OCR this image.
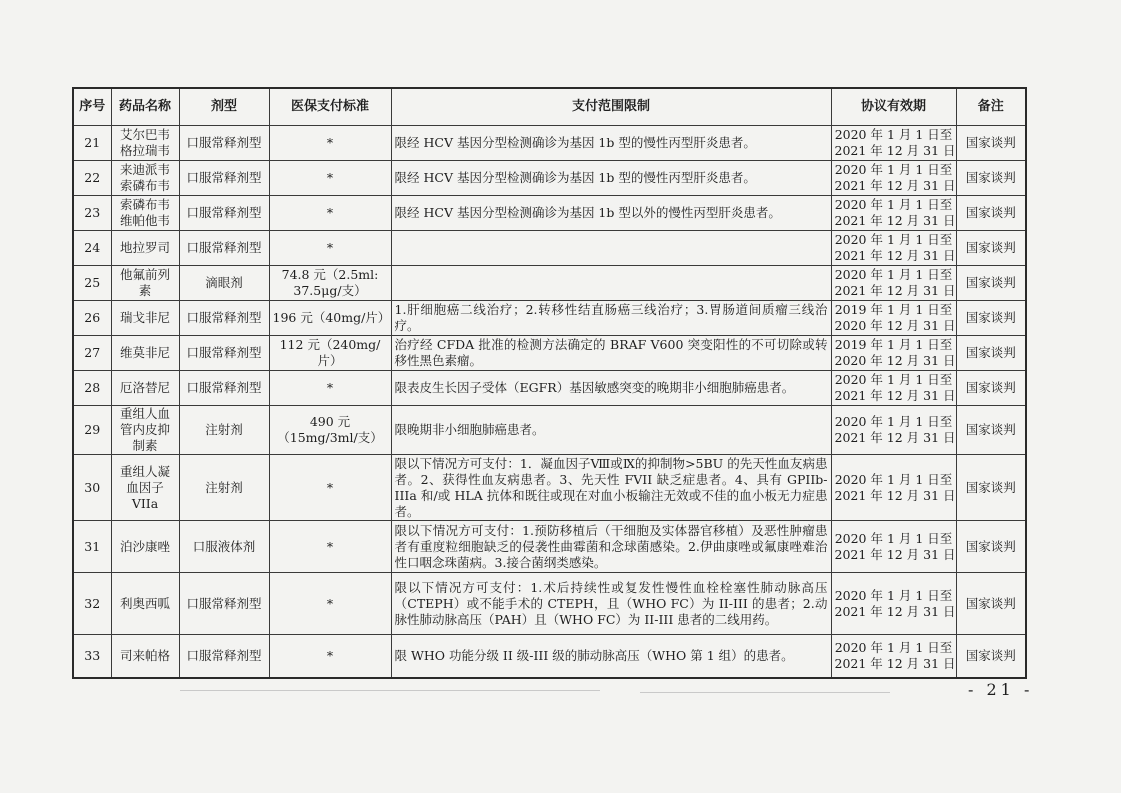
序号	药品名称	剂型	医保支付标准	支付范围限制	协议有效期	备注
21	艾尔巴韦格拉瑞韦	口服常释剂型	*	限经 HCV 基因分型检测确诊为基因 1b 型的慢性丙型肝炎患者。	2020 年 1 月 1 日至
2021 年 12 月 31 日	国家谈判
22	来迪派韦索磷布韦	口服常释剂型	*	限经 HCV 基因分型检测确诊为基因 1b 型的慢性丙型肝炎患者。	2020 年 1 月 1 日至
2021 年 12 月 31 日	国家谈判
23	索磷布韦维帕他韦	口服常释剂型	*	限经 HCV 基因分型检测确诊为基因 1b 型以外的慢性丙型肝炎患者。	2020 年 1 月 1 日至
2021 年 12 月 31 日	国家谈判
24	地拉罗司	口服常释剂型	*		2020 年 1 月 1 日至
2021 年 12 月 31 日	国家谈判
25	他氟前列素	滴眼剂	74.8 元（2.5ml: 37.5μg/支）		2020 年 1 月 1 日至
2021 年 12 月 31 日	国家谈判
26	瑞戈非尼	口服常释剂型	196 元（40mg/片）	1.肝细胞癌二线治疗；2.转移性结直肠癌三线治疗；3.胃肠道间质瘤三线治疗。	2019 年 1 月 1 日至
2020 年 12 月 31 日	国家谈判
27	维莫非尼	口服常释剂型	112 元（240mg/片）	治疗经 CFDA 批准的检测方法确定的 BRAF V600 突变阳性的不可切除或转移性黑色素瘤。	2019 年 1 月 1 日至
2020 年 12 月 31 日	国家谈判
28	厄洛替尼	口服常释剂型	*	限表皮生长因子受体（EGFR）基因敏感突变的晚期非小细胞肺癌患者。	2020 年 1 月 1 日至
2021 年 12 月 31 日	国家谈判
29	重组人血管内皮抑制素	注射剂	490 元（15mg/3ml/支）	限晚期非小细胞肺癌患者。	2020 年 1 月 1 日至
2021 年 12 月 31 日	国家谈判
30	重组人凝血因子VIIa	注射剂	*	限以下情况方可支付：1．凝血因子Ⅷ或Ⅸ的抑制物>5BU 的先天性血友病患者。2、获得性血友病患者。3、先天性 FVII 缺乏症患者。4、具有 GPIIb-IIIa 和/或 HLA 抗体和既往或现在对血小板输注无效或不佳的血小板无力症患者。	2020 年 1 月 1 日至
2021 年 12 月 31 日	国家谈判
31	泊沙康唑	口服液体剂	*	限以下情况方可支付：1.预防移植后（干细胞及实体器官移植）及恶性肿瘤患者有重度粒细胞缺乏的侵袭性曲霉菌和念球菌感染。2.伊曲康唑或氟康唑难治性口咽念珠菌病。3.接合菌纲类感染。	2020 年 1 月 1 日至
2021 年 12 月 31 日	国家谈判
32	利奥西呱	口服常释剂型	*	限以下情况方可支付：1.术后持续性或复发性慢性血栓栓塞性肺动脉高压（CTEPH）或不能手术的 CTEPH，且（WHO FC）为 II-III 的患者；2.动脉性肺动脉高压（PAH）且（WHO FC）为 II-III 患者的二线用药。	2020 年 1 月 1 日至
2021 年 12 月 31 日	国家谈判
33	司来帕格	口服常释剂型	*	限 WHO 功能分级 II 级-III 级的肺动脉高压（WHO 第 1 组）的患者。	2020 年 1 月 1 日至
2021 年 12 月 31 日	国家谈判
- 21 -
